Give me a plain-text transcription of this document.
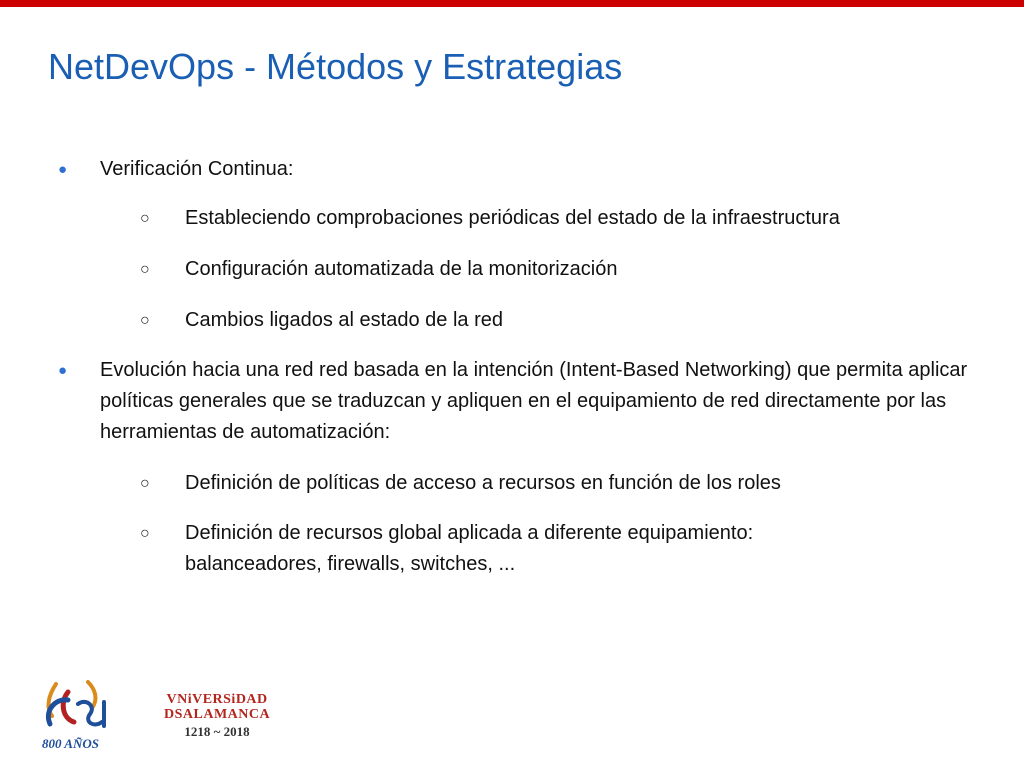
NetDevOps - Métodos y Estrategias
● Verificación Continua:
○ Estableciendo comprobaciones periódicas del estado de la infraestructura
○ Configuración automatizada de la monitorización
○ Cambios ligados al estado de la red
● Evolución hacia una red red basada en la intención (Intent-Based Networking) que permita aplicar políticas generales que se traduzcan y apliquen en el equipamiento de red directamente por las herramientas de automatización:
○ Definición de políticas de acceso a recursos en función de los roles
○ Definición de recursos global aplicada a diferente equipamiento: balanceadores, firewalls, switches, ...
800 AÑOS
VNiVERSiDAD
DSALAMANCA
1218 ~ 2018
